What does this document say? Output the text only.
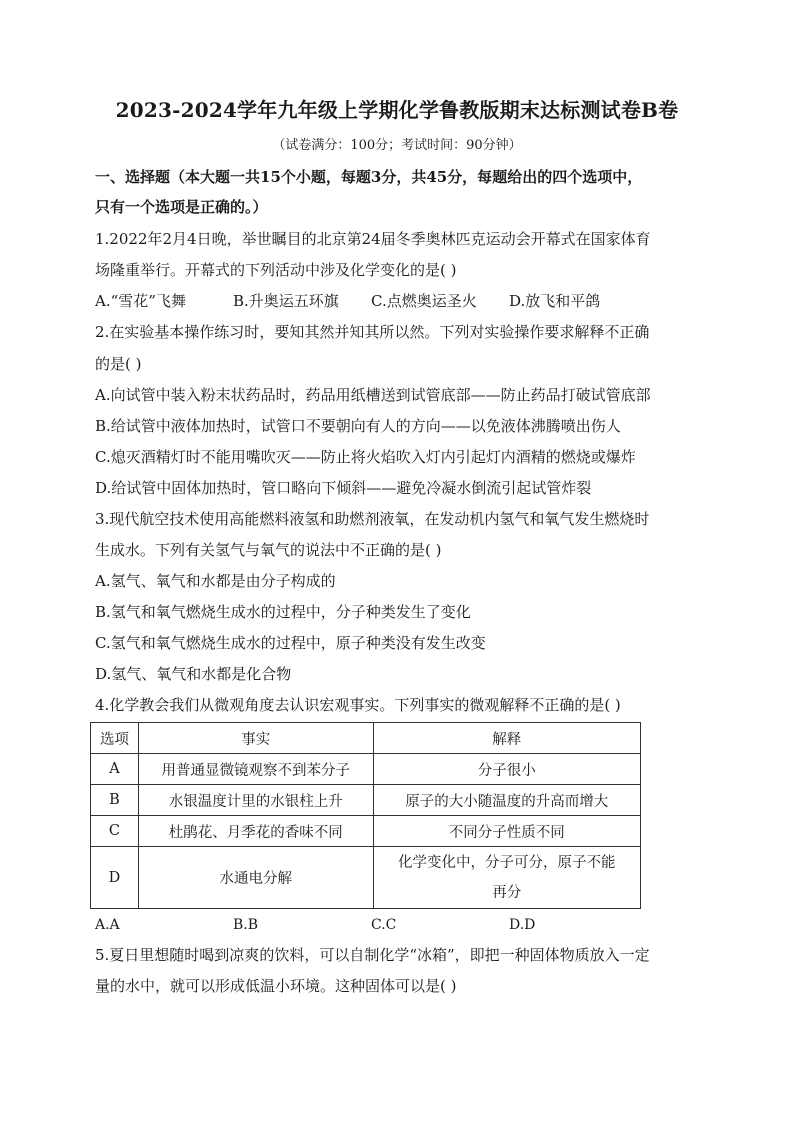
2023-2024学年九年级上学期化学鲁教版期末达标测试卷B卷
（试卷满分：100分；考试时间：90分钟）
一、选择题（本大题一共15个小题，每题3分，共45分，每题给出的四个选项中，
只有一个选项是正确的。）
1.2022年2月4日晚，举世瞩目的北京第24届冬季奥林匹克运动会开幕式在国家体育
场隆重举行。开幕式的下列活动中涉及化学变化的是( )
A.“雪花”飞舞	B.升奥运五环旗 C.点燃奥运圣火 D.放飞和平鸽
2.在实验基本操作练习时，要知其然并知其所以然。下列对实验操作要求解释不正确
的是( )
A.向试管中装入粉末状药品时，药品用纸槽送到试管底部——防止药品打破试管底部
B.给试管中液体加热时，试管口不要朝向有人的方向——以免液体沸腾喷出伤人
C.熄灭酒精灯时不能用嘴吹灭——防止将火焰吹入灯内引起灯内酒精的燃烧或爆炸
D.给试管中固体加热时，管口略向下倾斜——避免冷凝水倒流引起试管炸裂
3.现代航空技术使用高能燃料液氢和助燃剂液氧，在发动机内氢气和氧气发生燃烧时
生成水。下列有关氢气与氧气的说法中不正确的是( )
A.氢气、氧气和水都是由分子构成的
B.氢气和氧气燃烧生成水的过程中，分子种类发生了变化
C.氢气和氧气燃烧生成水的过程中，原子种类没有发生改变
D.氢气、氧气和水都是化合物
4.化学教会我们从微观角度去认识宏观事实。下列事实的微观解释不正确的是( )
选项	事实	解释
A	用普通显微镜观察不到苯分子	分子很小
B	水银温度计里的水银柱上升	原子的大小随温度的升高而增大
C	杜鹃花、月季花的香味不同	不同分子性质不同
D	水通电分解	化学变化中，分子可分，原子不能
再分
A.A	B.B	C.C	D.D
5.夏日里想随时喝到凉爽的饮料，可以自制化学“冰箱”，即把一种固体物质放入一定
量的水中，就可以形成低温小环境。这种固体可以是( )
